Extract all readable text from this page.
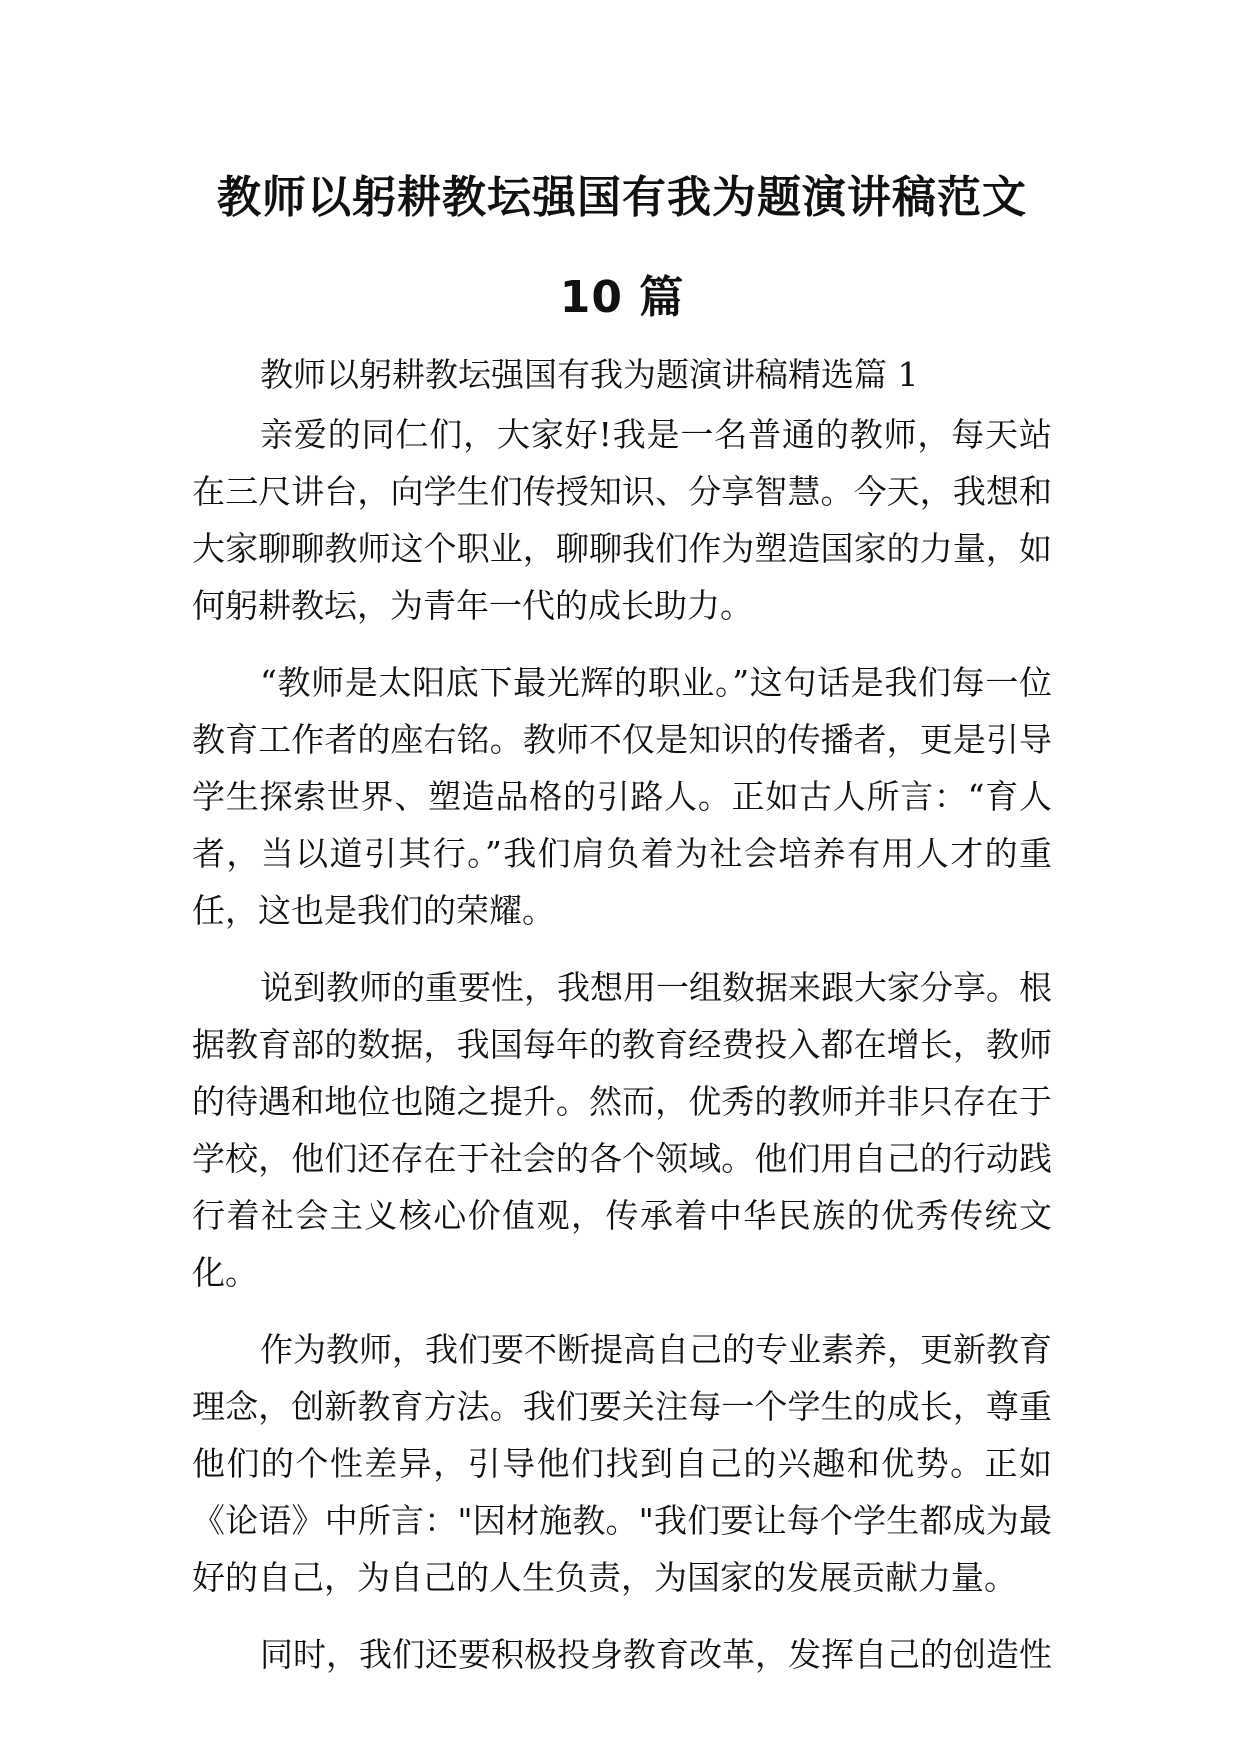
教师以躬耕教坛强国有我为题演讲稿范文
10 篇

教师以躬耕教坛强国有我为题演讲稿精选篇 1

亲爱的同仁们，大家好!我是一名普通的教师，每天站在三尺讲台，向学生们传授知识、分享智慧。今天，我想和大家聊聊教师这个职业，聊聊我们作为塑造国家的力量，如何躬耕教坛，为青年一代的成长助力。

“教师是太阳底下最光辉的职业。”这句话是我们每一位教育工作者的座右铭。教师不仅是知识的传播者，更是引导学生探索世界、塑造品格的引路人。正如古人所言：“育人者，当以道引其行。”我们肩负着为社会培养有用人才的重任，这也是我们的荣耀。

说到教师的重要性，我想用一组数据来跟大家分享。根据教育部的数据，我国每年的教育经费投入都在增长，教师的待遇和地位也随之提升。然而，优秀的教师并非只存在于学校，他们还存在于社会的各个领域。他们用自己的行动践行着社会主义核心价值观，传承着中华民族的优秀传统文化。

作为教师，我们要不断提高自己的专业素养，更新教育理念，创新教育方法。我们要关注每一个学生的成长，尊重他们的个性差异，引导他们找到自己的兴趣和优势。正如《论语》中所言："因材施教。"我们要让每个学生都成为最好的自己，为自己的人生负责，为国家的发展贡献力量。

同时，我们还要积极投身教育改革，发挥自己的创造性
